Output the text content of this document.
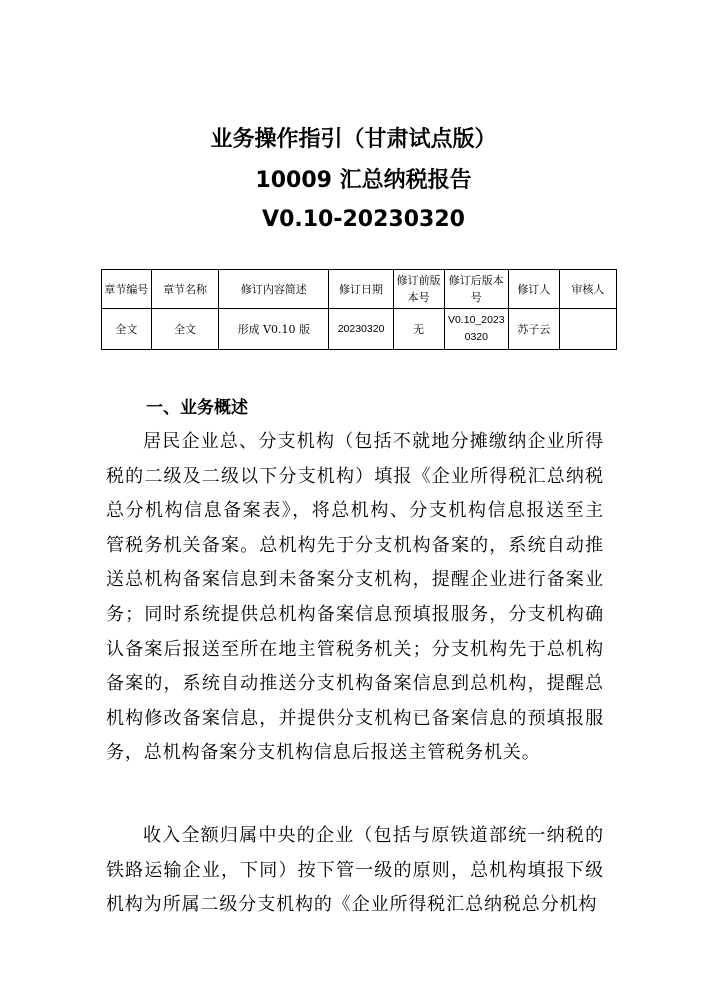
业务操作指引（甘肃试点版）
10009 汇总纳税报告
V0.10-20230320
章节编号	章节名称	修订内容简述	修订日期	修订前版本号	修订后版本号	修订人	审核人
全文	全文	形成 V0.10 版	20230320	无	V0.10_20230320	苏子云	
一、业务概述
居民企业总、分支机构（包括不就地分摊缴纳企业所得税的二级及二级以下分支机构）填报《企业所得税汇总纳税总分机构信息备案表》，将总机构、分支机构信息报送至主管税务机关备案。总机构先于分支机构备案的，系统自动推送总机构备案信息到未备案分支机构，提醒企业进行备案业务；同时系统提供总机构备案信息预填报服务，分支机构确认备案后报送至所在地主管税务机关；分支机构先于总机构备案的，系统自动推送分支机构备案信息到总机构，提醒总机构修改备案信息，并提供分支机构已备案信息的预填报服务，总机构备案分支机构信息后报送主管税务机关。
收入全额归属中央的企业（包括与原铁道部统一纳税的铁路运输企业，下同）按下管一级的原则，总机构填报下级机构为所属二级分支机构的《企业所得税汇总纳税总分机构
